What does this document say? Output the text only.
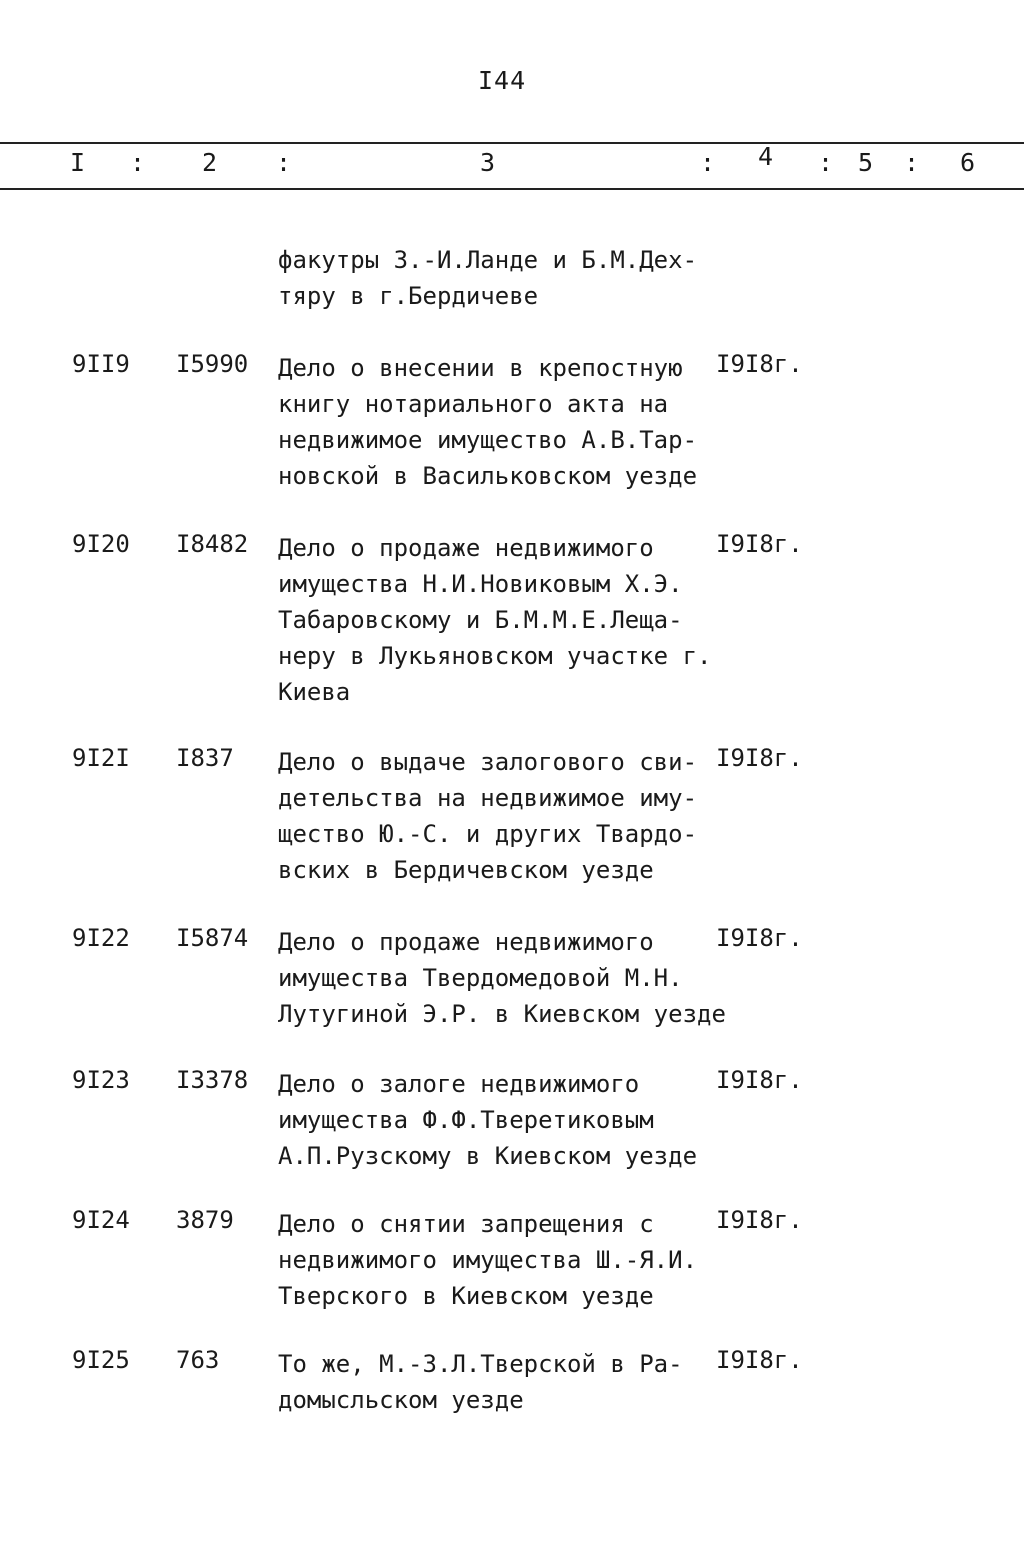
I44
I : 2 :	3	: 4 : 5 : 6
факутры З.-И.Ланде и Б.М.Дех-
тяру в г.Бердичеве
9II9 I5990 Дело о внесении в крепостную
книгу нотариального акта на
недвижимое имущество А.В.Тар-
новской в Васильковском уезде
I9I8г.
9I20 I8482 Дело о продаже недвижимого
имущества Н.И.Новиковым Х.Э.
Табаровскому и Б.М.М.Е.Леща-
неру в Лукьяновском участке г.
Киева
I9I8г.
9I2I I837 Дело о выдаче залогового сви-
детельства на недвижимое иму-
щество Ю.-С. и других Твардо-
вских в Бердичевском уезде
I9I8г.
9I22 I5874 Дело о продаже недвижимого
имущества Твердомедовой М.Н.
Лутугиной Э.Р. в Киевском уезде
I9I8г.
9I23 I3378 Дело о залоге недвижимого
имущества Ф.Ф.Тверетиковым
А.П.Рузскому в Киевском уезде
I9I8г.
9I24 3879 Дело о снятии запрещения с
недвижимого имущества Ш.-Я.И.
Тверского в Киевском уезде
I9I8г.
9I25 763 То же, М.-З.Л.Тверской в Ра-
домысльском уезде
I9I8г.
